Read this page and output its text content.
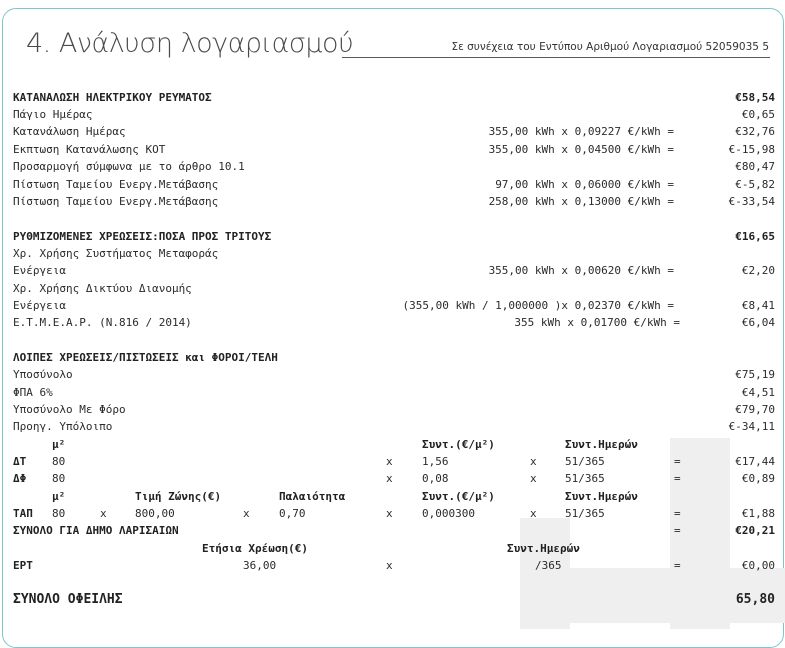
4. Ανάλυση λογαριασμού	Σε συνέχεια του Εντύπου Αριθμού Λογαριασμού 52059035 5
ΚΑΤΑΝΑΛΩΣΗ ΗΛΕΚΤΡΙΚΟΥ ΡΕΥΜΑΤΟΣ	€58,54
Πάγιο Ημέρας	€0,65
Κατανάλωση Ημέρας	355,00 kWh x 0,09227 €/kWh =	€32,76
Εκπτωση Κατανάλωσης ΚΟΤ	355,00 kWh x 0,04500 €/kWh =	€-15,98
Προσαρμογή σύμφωνα με το άρθρο 10.1	€80,47
Πίστωση Ταμείου Ενεργ.Μετάβασης	97,00 kWh x 0,06000 €/kWh =	€-5,82
Πίστωση Ταμείου Ενεργ.Μετάβασης	258,00 kWh x 0,13000 €/kWh =	€-33,54
ΡΥΘΜΙΖΟΜΕΝΕΣ ΧΡΕΩΣΕΙΣ:ΠΟΣΑ ΠΡΟΣ ΤΡΙΤΟΥΣ	€16,65
Χρ. Χρήσης Συστήματος Μεταφοράς
Ενέργεια	355,00 kWh x 0,00620 €/kWh =	€2,20
Χρ. Χρήσης Δικτύου Διανομής
Ενέργεια	(355,00 kWh / 1,000000 )x 0,02370 €/kWh =	€8,41
Ε.Τ.Μ.Ε.Α.Ρ. (Ν.816 / 2014)	355 kWh x 0,01700 €/kWh =	€6,04
ΛΟΙΠΕΣ ΧΡΕΩΣΕΙΣ/ΠΙΣΤΩΣΕΙΣ και ΦΟΡΟΙ/ΤΕΛΗ
Υποσύνολο	€75,19
ΦΠΑ 6%	€4,51
Υποσύνολο Με Φόρο	€79,70
Προηγ. Υπόλοιπο	€-34,11
μ²	Συντ.(€/μ²)	Συντ.Ημερών
ΔΤ 80	x	1,56	x	51/365	=	€17,44
ΔΦ 80	x	0,08	x	51/365	=	€0,89
μ²	Τιμή Ζώνης(€)	Παλαιότητα	Συντ.(€/μ²)	Συντ.Ημερών
ΤΑΠ 80	x	800,00	x	0,70	x	0,000300	x	51/365	=	€1,88
ΣΥΝΟΛΟ ΓΙΑ ΔΗΜΟ ΛΑΡΙΣΑΙΩΝ	=	€20,21
Ετήσια Χρέωση(€)	Συντ.Ημερών
ΕΡΤ	36,00	x	/365	=	€0,00
ΣΥΝΟΛΟ ΟΦΕΙΛΗΣ	65,80
